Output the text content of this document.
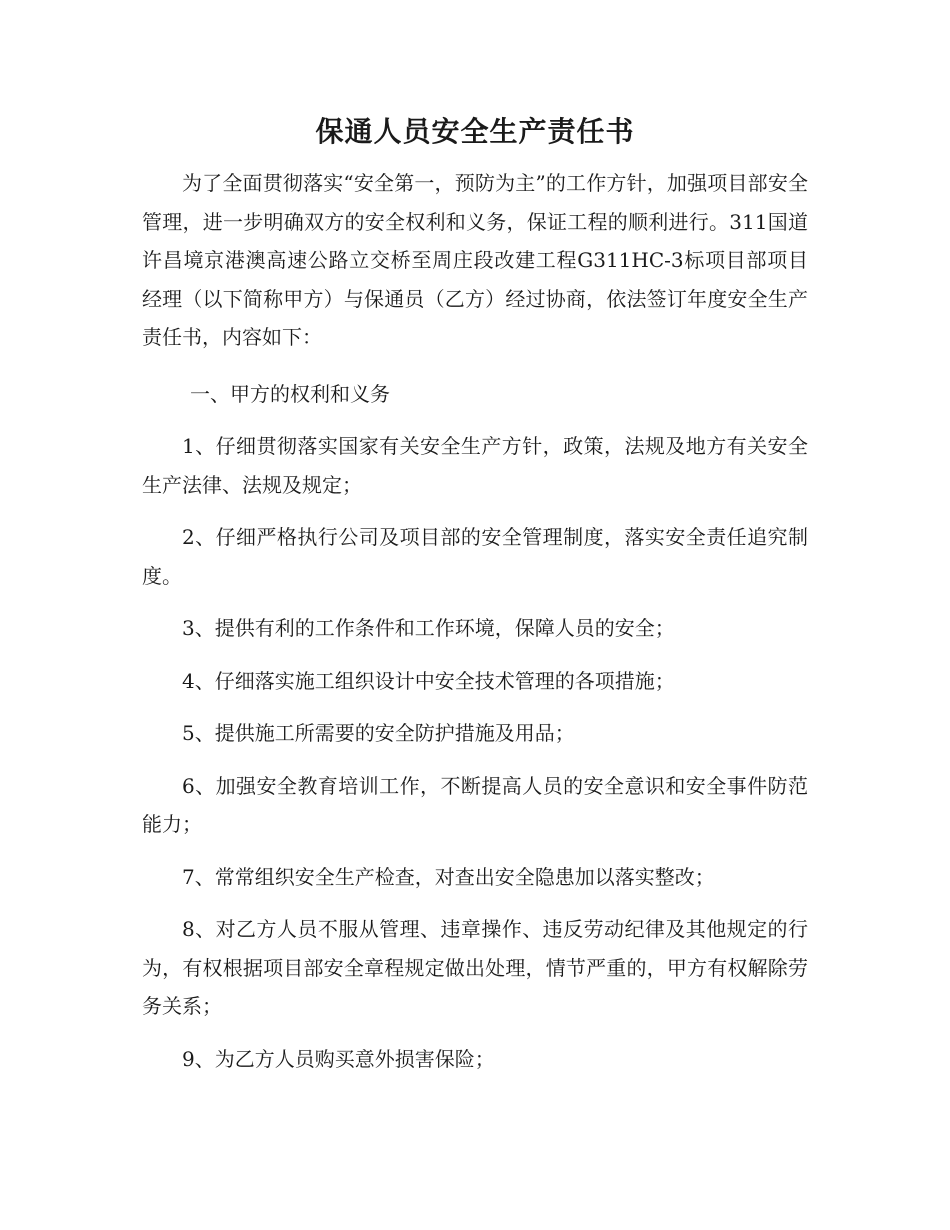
保通人员安全生产责任书

为了全面贯彻落实“安全第一，预防为主”的工作方针，加强项目部安全管理，进一步明确双方的安全权利和义务，保证工程的顺利进行。311国道许昌境京港澳高速公路立交桥至周庄段改建工程G311HC-3标项目部项目经理（以下简称甲方）与保通员（乙方）经过协商，依法签订年度安全生产责任书，内容如下：

一、甲方的权利和义务

1、仔细贯彻落实国家有关安全生产方针，政策，法规及地方有关安全生产法律、法规及规定；

2、仔细严格执行公司及项目部的安全管理制度，落实安全责任追究制度。

3、提供有利的工作条件和工作环境，保障人员的安全；

4、仔细落实施工组织设计中安全技术管理的各项措施；

5、提供施工所需要的安全防护措施及用品；

6、加强安全教育培训工作，不断提高人员的安全意识和安全事件防范能力；

7、常常组织安全生产检查，对查出安全隐患加以落实整改；

8、对乙方人员不服从管理、违章操作、违反劳动纪律及其他规定的行为，有权根据项目部安全章程规定做出处理，情节严重的，甲方有权解除劳务关系；

9、为乙方人员购买意外损害保险；
